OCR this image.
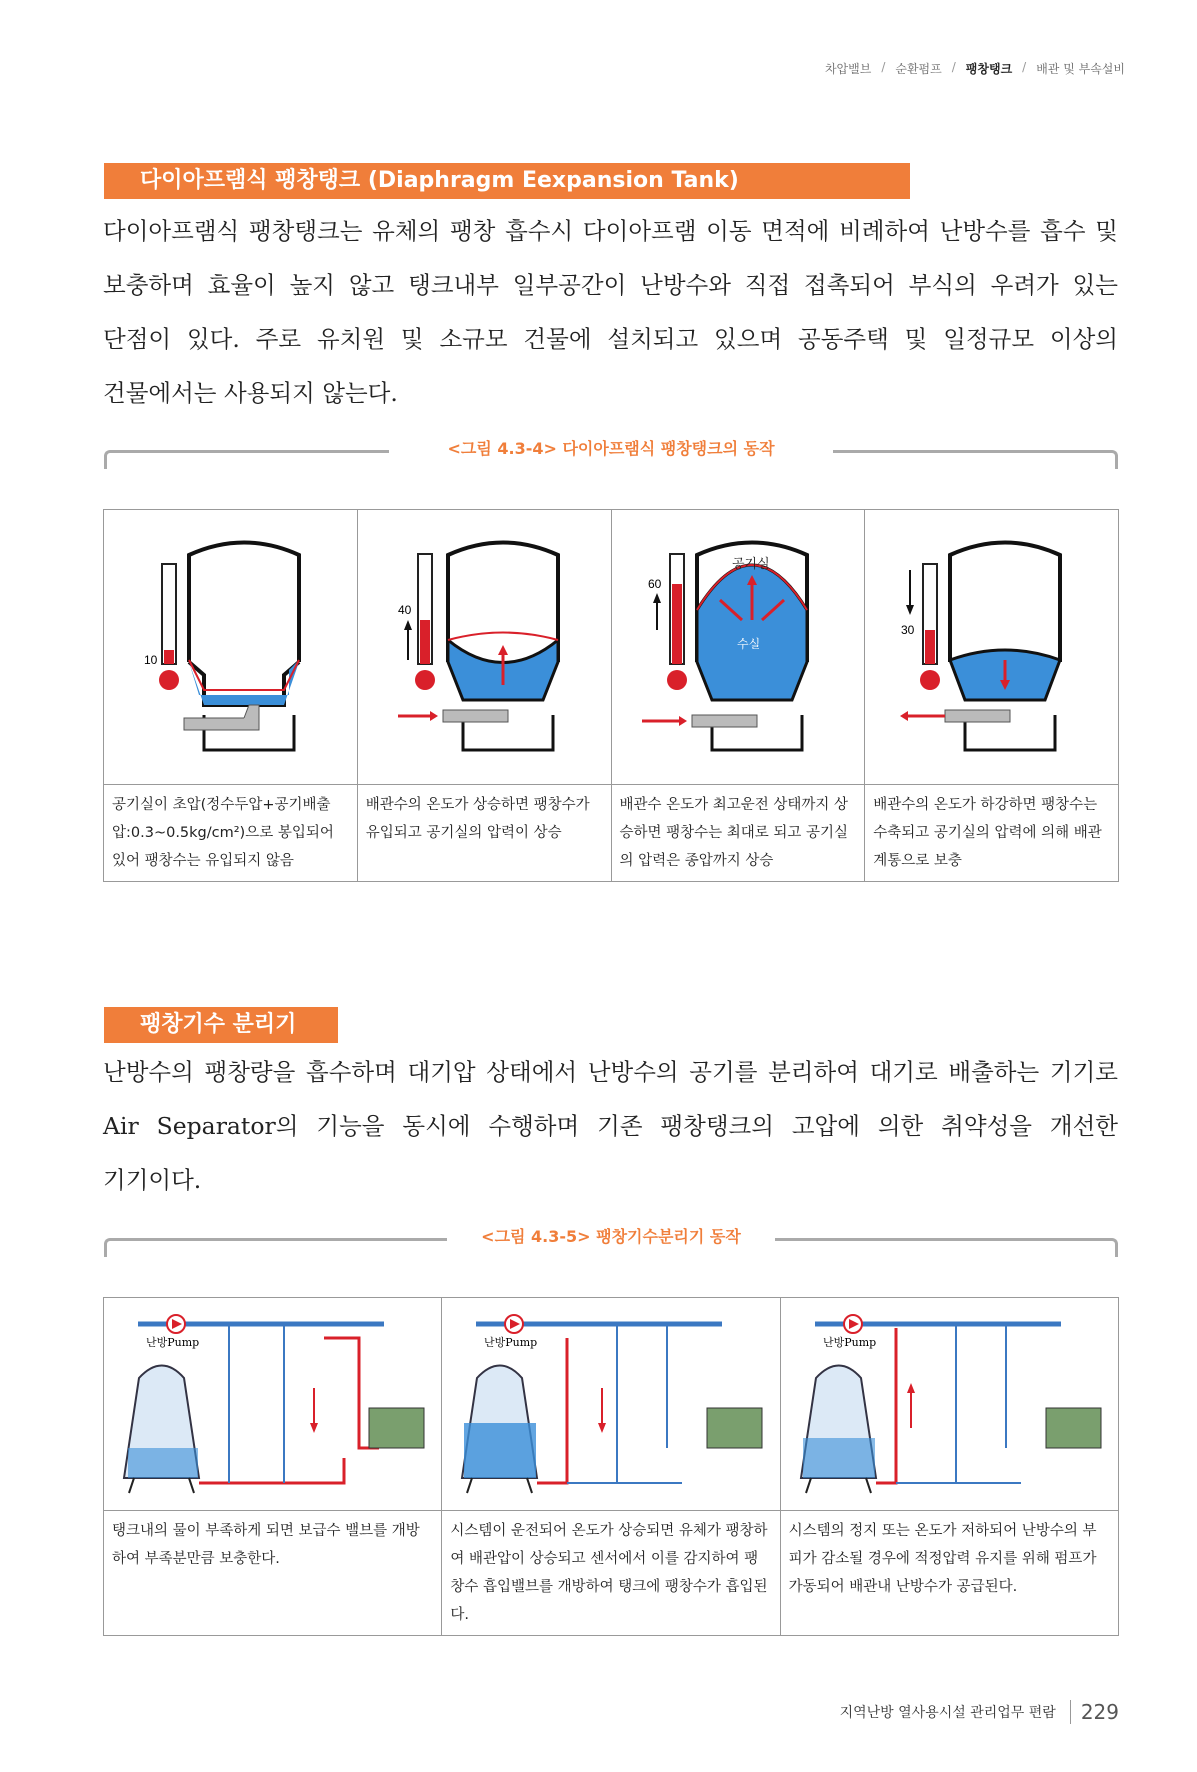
차압밸브 / 순환펌프 / 팽창탱크 / 배관 및 부속설비
다이아프램식 팽창탱크 (Diaphragm Eexpansion Tank)
다이아프램식 팽창탱크는 유체의 팽창 흡수시 다이아프램 이동 면적에 비례하여 난방수를 흡수 및 보충하며 효율이 높지 않고 탱크내부 일부공간이 난방수와 직접 접촉되어 부식의 우려가 있는 단점이 있다. 주로 유치원 및 소규모 건물에 설치되고 있으며 공동주택 및 일정규모 이상의 건물에서는 사용되지 않는다.
<그림 4.3-4> 다이아프램식 팽창탱크의 동작
10	40	60
공기실
수실	30

공기실이 초압(정수두압+공기배출압:0.3~0.5kg/cm²)으로 봉입되어 있어 팽창수는 유입되지 않음	배관수의 온도가 상승하면 팽창수가 유입되고 공기실의 압력이 상승	배관수 온도가 최고운전 상태까지 상승하면 팽창수는 최대로 되고 공기실의 압력은 종압까지 상승	배관수의 온도가 하강하면 팽창수는 수축되고 공기실의 압력에 의해 배관계통으로 보충
팽창기수 분리기
난방수의 팽창량을 흡수하며 대기압 상태에서 난방수의 공기를 분리하여 대기로 배출하는 기기로 Air Separator의 기능을 동시에 수행하며 기존 팽창탱크의 고압에 의한 취약성을 개선한 기기이다.
<그림 4.3-5> 팽창기수분리기 동작
난방Pump	난방Pump	난방Pump

탱크내의 물이 부족하게 되면 보급수 밸브를 개방하여 부족분만큼 보충한다.	시스템이 운전되어 온도가 상승되면 유체가 팽창하여 배관압이 상승되고 센서에서 이를 감지하여 팽창수 흡입밸브를 개방하여 탱크에 팽창수가 흡입된다.	시스템의 정지 또는 온도가 저하되어 난방수의 부피가 감소될 경우에 적정압력 유지를 위해 펌프가 가동되어 배관내 난방수가 공급된다.
지역난방 열사용시설 관리업무 편람	229
